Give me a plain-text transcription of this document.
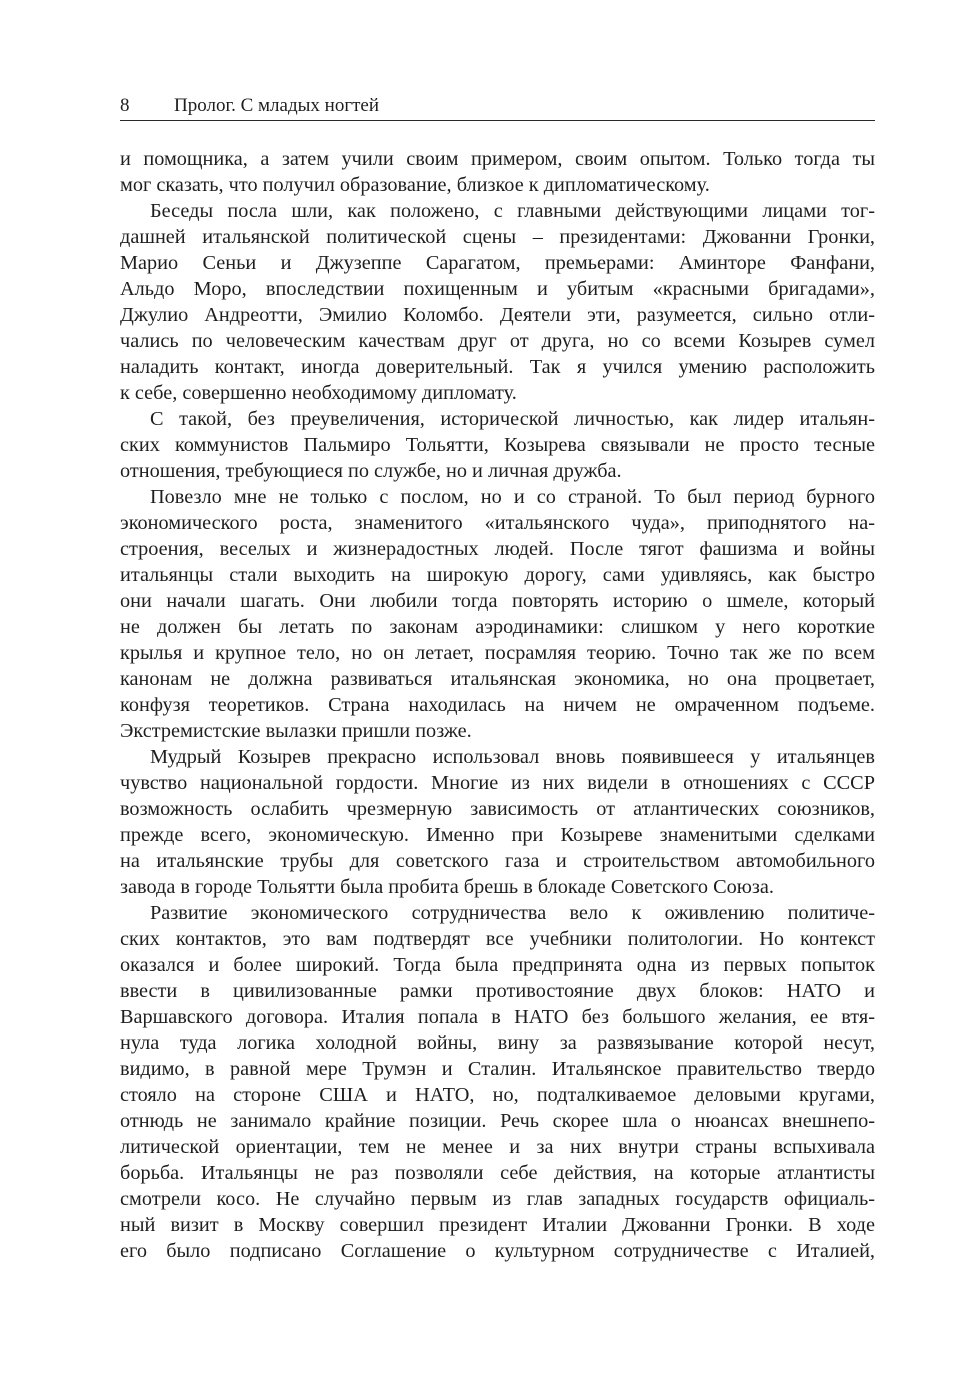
8 Пролог. С младых ногтей
и помощника, а затем учили своим примером, своим опытом. Только тогда ты
мог сказать, что получил образование, близкое к дипломатическому.
Беседы посла шли, как положено, с главными действующими лицами тог-
дашней итальянской политической сцены – президентами: Джованни Гронки,
Марио Сеньи и Джузеппе Сарагатом, премьерами: Аминторе Фанфани,
Альдо Моро, впоследствии похищенным и убитым «красными бригадами»,
Джулио Андреотти, Эмилио Коломбо. Деятели эти, разумеется, сильно отли-
чались по человеческим качествам друг от друга, но со всеми Козырев сумел
наладить контакт, иногда доверительный. Так я учился умению расположить
к себе, совершенно необходимому дипломату.
С такой, без преувеличения, исторической личностью, как лидер итальян-
ских коммунистов Пальмиро Тольятти, Козырева связывали не просто тесные
отношения, требующиеся по службе, но и личная дружба.
Повезло мне не только с послом, но и со страной. То был период бурного
экономического роста, знаменитого «итальянского чуда», приподнятого на-
строения, веселых и жизнерадостных людей. После тягот фашизма и войны
итальянцы стали выходить на широкую дорогу, сами удивляясь, как быстро
они начали шагать. Они любили тогда повторять историю о шмеле, который
не должен бы летать по законам аэродинамики: слишком у него короткие
крылья и крупное тело, но он летает, посрамляя теорию. Точно так же по всем
канонам не должна развиваться итальянская экономика, но она процветает,
конфузя теоретиков. Страна находилась на ничем не омраченном подъеме.
Экстремистские вылазки пришли позже.
Мудрый Козырев прекрасно использовал вновь появившееся у итальянцев
чувство национальной гордости. Многие из них видели в отношениях с СССР
возможность ослабить чрезмерную зависимость от атлантических союзников,
прежде всего, экономическую. Именно при Козыреве знаменитыми сделками
на итальянские трубы для советского газа и строительством автомобильного
завода в городе Тольятти была пробита брешь в блокаде Советского Союза.
Развитие экономического сотрудничества вело к оживлению политиче-
ских контактов, это вам подтвердят все учебники политологии. Но контекст
оказался и более широкий. Тогда была предпринята одна из первых попыток
ввести в цивилизованные рамки противостояние двух блоков: НАТО и
Варшавского договора. Италия попала в НАТО без большого желания, ее втя-
нула туда логика холодной войны, вину за развязывание которой несут,
видимо, в равной мере Трумэн и Сталин. Итальянское правительство твердо
стояло на стороне США и НАТО, но, подталкиваемое деловыми кругами,
отнюдь не занимало крайние позиции. Речь скорее шла о нюансах внешнепо-
литической ориентации, тем не менее и за них внутри страны вспыхивала
борьба. Итальянцы не раз позволяли себе действия, на которые атлантисты
смотрели косо. Не случайно первым из глав западных государств официаль-
ный визит в Москву совершил президент Италии Джованни Гронки. В ходе
его было подписано Соглашение о культурном сотрудничестве с Италией,
